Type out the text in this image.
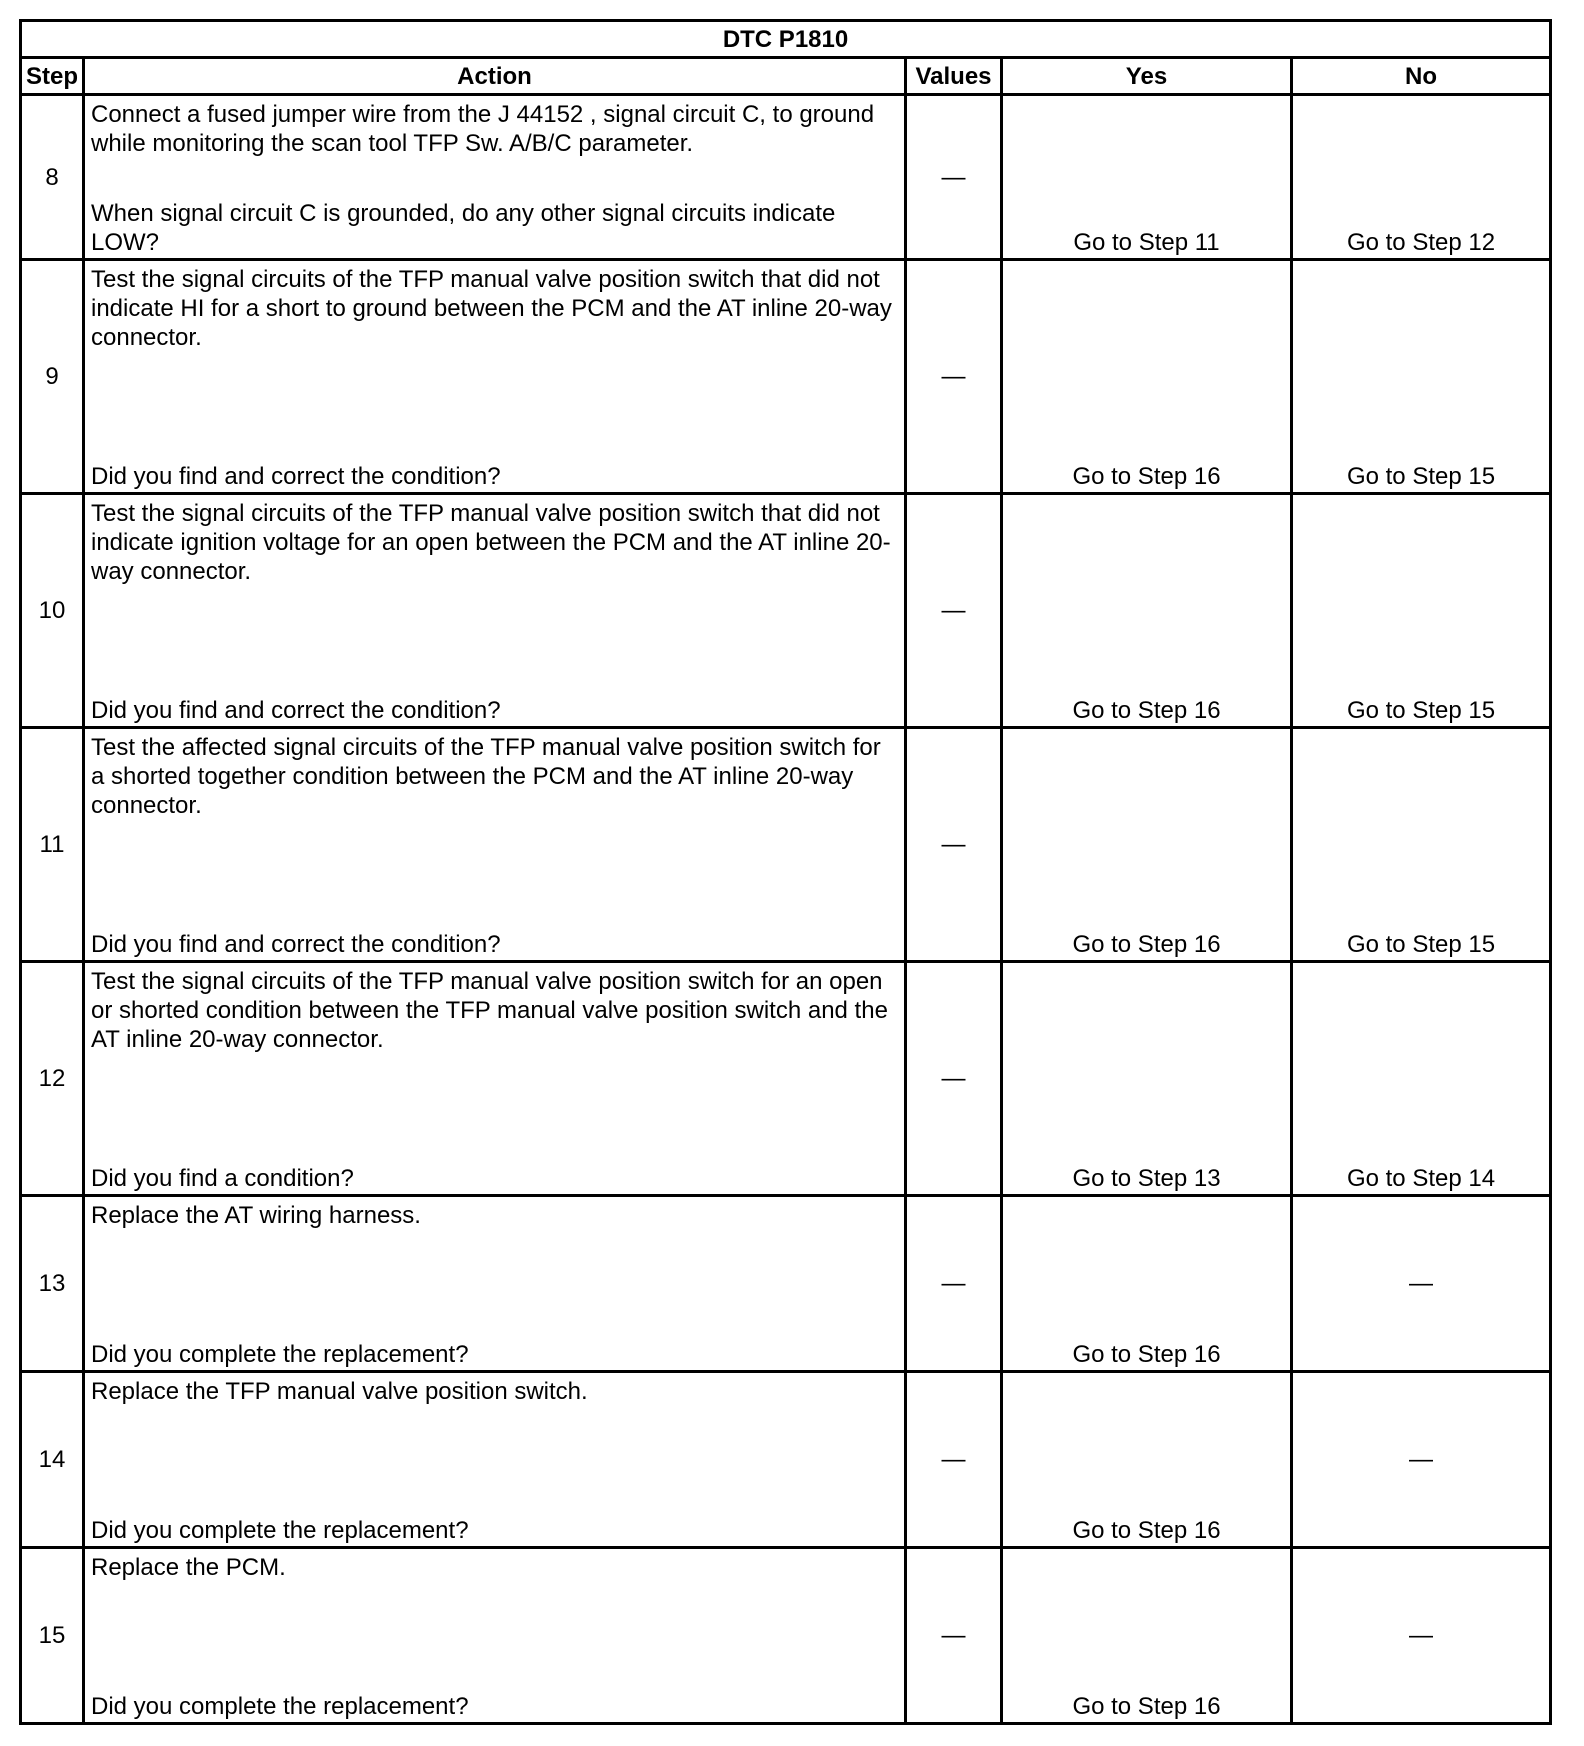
DTC P1810				
Step	Action	Values	Yes	No
8	Connect a fused jumper wire from the J 44152 , signal circuit C, to ground while monitoring the scan tool TFP Sw. A/B/C parameter.
When signal circuit C is grounded, do any other signal circuits indicate LOW?	—	Go to Step 11	Go to Step 12
9	Test the signal circuits of the TFP manual valve position switch that did not indicate HI for a short to ground between the PCM and the AT inline 20-way connector.
Did you find and correct the condition?	—	Go to Step 16	Go to Step 15
10	Test the signal circuits of the TFP manual valve position switch that did not indicate ignition voltage for an open between the PCM and the AT inline 20-way connector.
Did you find and correct the condition?	—	Go to Step 16	Go to Step 15
11	Test the affected signal circuits of the TFP manual valve position switch for a shorted together condition between the PCM and the AT inline 20-way connector.
Did you find and correct the condition?	—	Go to Step 16	Go to Step 15
12	Test the signal circuits of the TFP manual valve position switch for an open or shorted condition between the TFP manual valve position switch and the AT inline 20-way connector.
Did you find a condition?	—	Go to Step 13	Go to Step 14
13	Replace the AT wiring harness.
Did you complete the replacement?	—	Go to Step 16	—
14	Replace the TFP manual valve position switch.
Did you complete the replacement?	—	Go to Step 16	—
15	Replace the PCM.
Did you complete the replacement?	—	Go to Step 16	—
